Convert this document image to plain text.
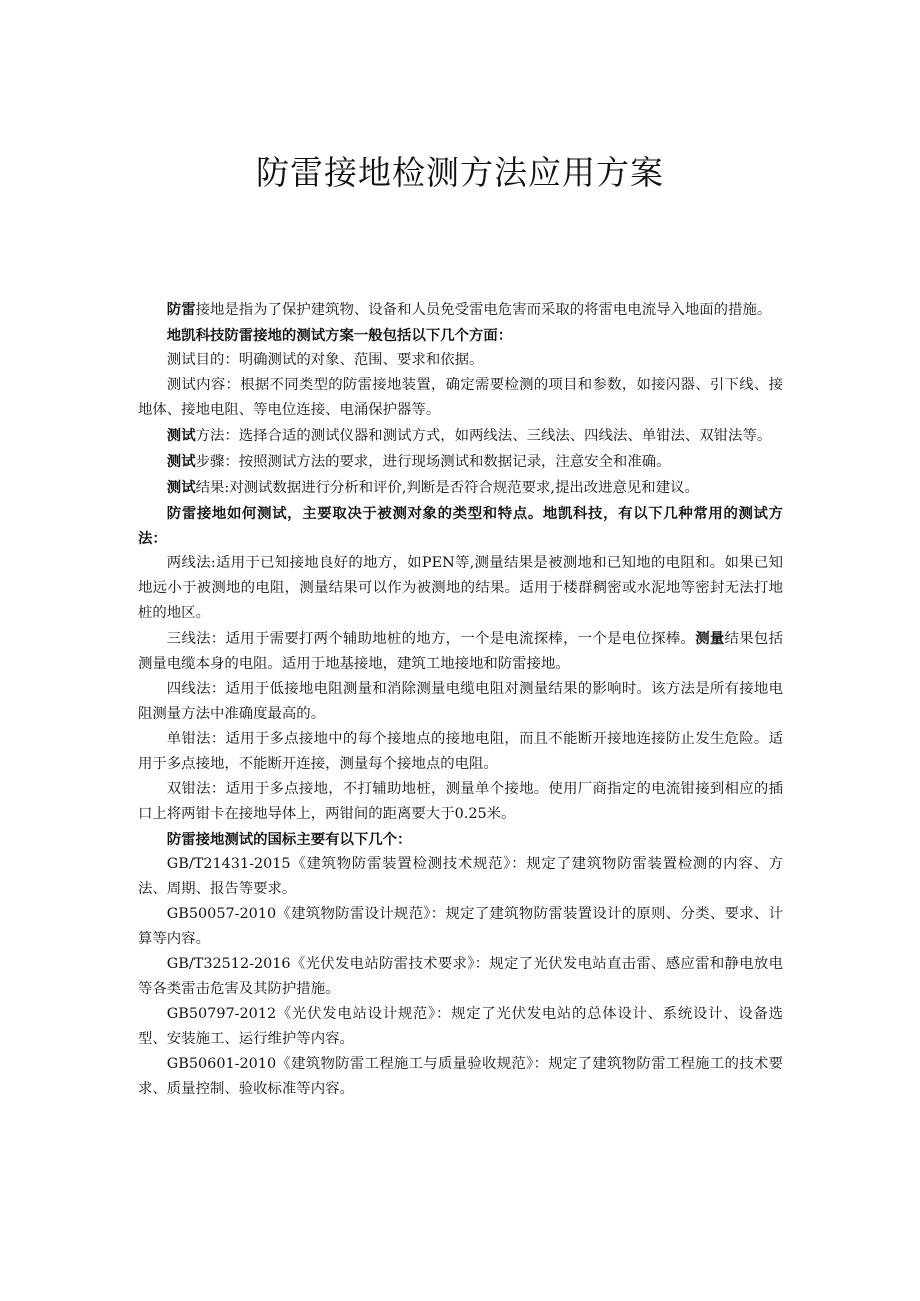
防雷接地检测方法应用方案

防雷接地是指为了保护建筑物、设备和人员免受雷电危害而采取的将雷电电流导入地面的措施。

地凯科技防雷接地的测试方案一般包括以下几个方面：

测试目的：明确测试的对象、范围、要求和依据。

测试内容：根据不同类型的防雷接地装置，确定需要检测的项目和参数，如接闪器、引下线、接地体、接地电阻、等电位连接、电涌保护器等。

测试方法：选择合适的测试仪器和测试方式，如两线法、三线法、四线法、单钳法、双钳法等。

测试步骤：按照测试方法的要求，进行现场测试和数据记录，注意安全和准确。

测试结果:对测试数据进行分析和评价,判断是否符合规范要求,提出改进意见和建议。

防雷接地如何测试，主要取决于被测对象的类型和特点。地凯科技，有以下几种常用的测试方法：

两线法:适用于已知接地良好的地方，如PEN等,测量结果是被测地和已知地的电阻和。如果已知地远小于被测地的电阻，测量结果可以作为被测地的结果。适用于楼群稠密或水泥地等密封无法打地桩的地区。

三线法：适用于需要打两个辅助地桩的地方，一个是电流探棒，一个是电位探棒。测量结果包括测量电缆本身的电阻。适用于地基接地，建筑工地接地和防雷接地。

四线法：适用于低接地电阻测量和消除测量电缆电阻对测量结果的影响时。该方法是所有接地电阻测量方法中准确度最高的。

单钳法：适用于多点接地中的每个接地点的接地电阻，而且不能断开接地连接防止发生危险。适用于多点接地，不能断开连接，测量每个接地点的电阻。

双钳法：适用于多点接地，不打辅助地桩，测量单个接地。使用厂商指定的电流钳接到相应的插口上将两钳卡在接地导体上，两钳间的距离要大于0.25米。

防雷接地测试的国标主要有以下几个：

GB/T21431-2015《建筑物防雷装置检测技术规范》：规定了建筑物防雷装置检测的内容、方法、周期、报告等要求。

GB50057-2010《建筑物防雷设计规范》：规定了建筑物防雷装置设计的原则、分类、要求、计算等内容。

GB/T32512-2016《光伏发电站防雷技术要求》：规定了光伏发电站直击雷、感应雷和静电放电等各类雷击危害及其防护措施。

GB50797-2012《光伏发电站设计规范》：规定了光伏发电站的总体设计、系统设计、设备选型、安装施工、运行维护等内容。

GB50601-2010《建筑物防雷工程施工与质量验收规范》：规定了建筑物防雷工程施工的技术要求、质量控制、验收标准等内容。
